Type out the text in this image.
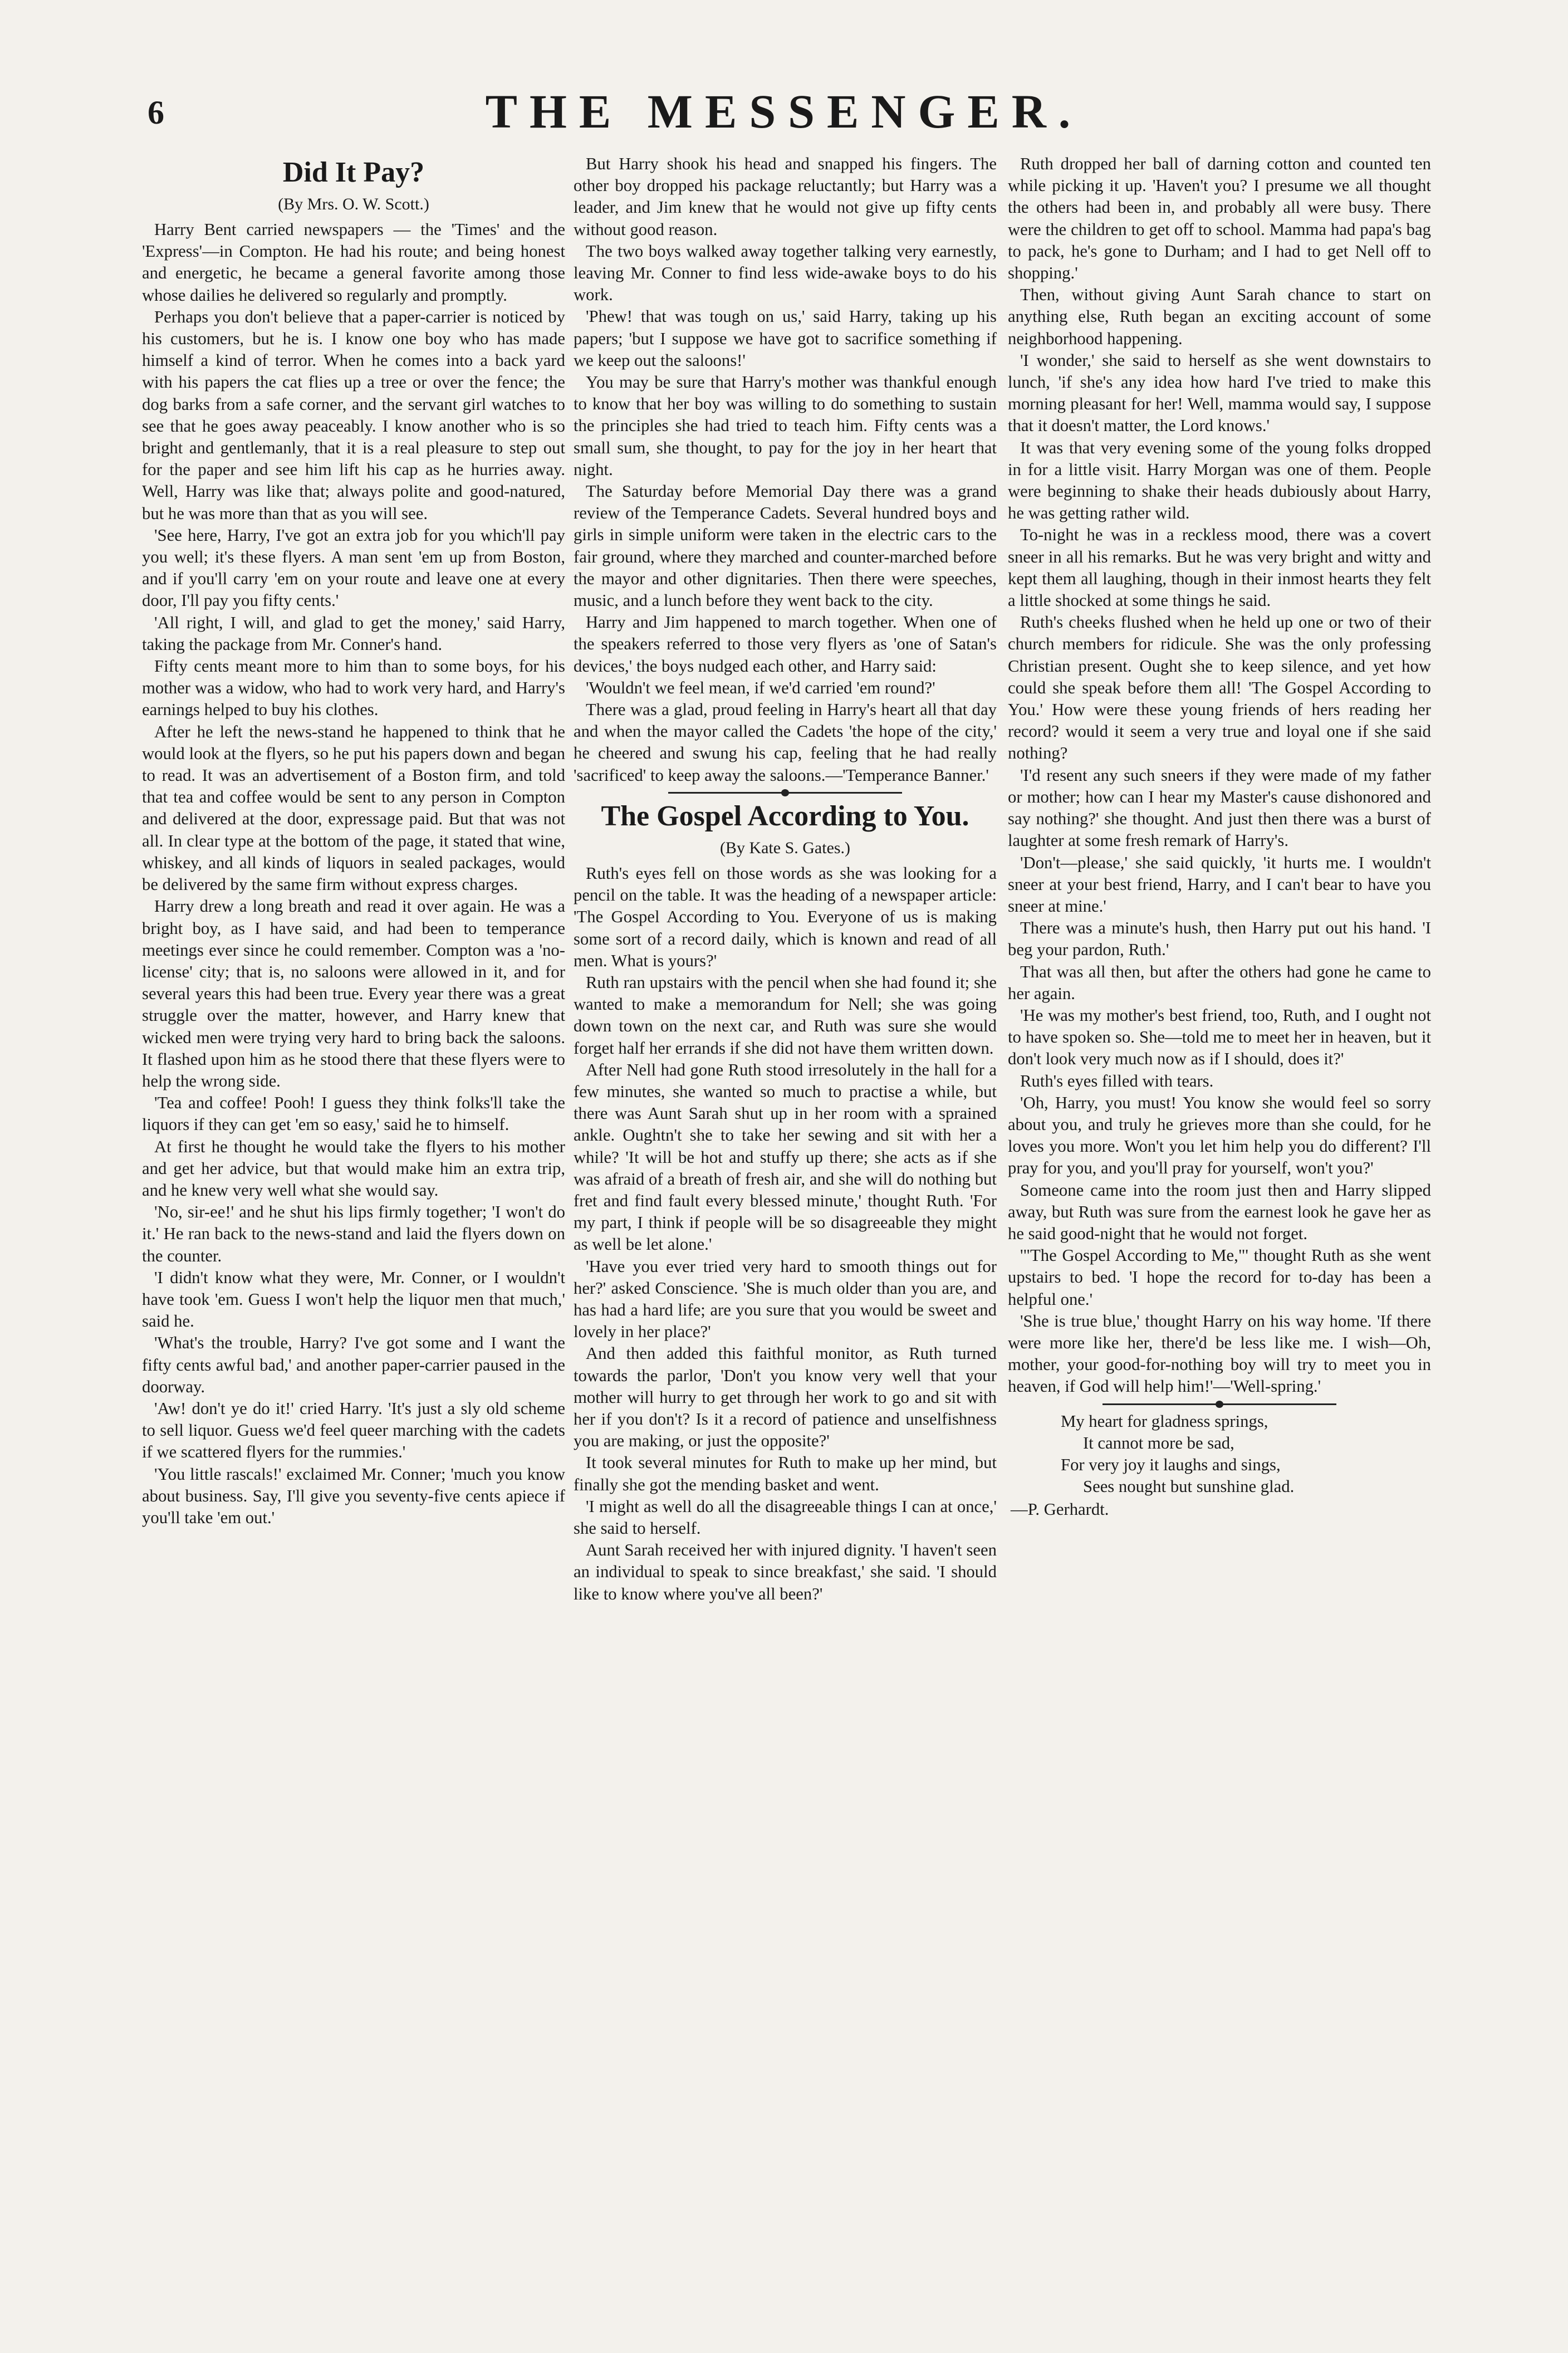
6	THE MESSENGER.
Did It Pay?
(By Mrs. O. W. Scott.)

Harry Bent carried newspapers — the 'Times' and the 'Express'—in Compton. He had his route; and being honest and energetic, he became a general favorite among those whose dailies he delivered so regularly and promptly.

Perhaps you don't believe that a paper-carrier is noticed by his customers, but he is. I know one boy who has made himself a kind of terror. When he comes into a back yard with his papers the cat flies up a tree or over the fence; the dog barks from a safe corner, and the servant girl watches to see that he goes away peaceably. I know another who is so bright and gentlemanly, that it is a real pleasure to step out for the paper and see him lift his cap as he hurries away. Well, Harry was like that; always polite and good-natured, but he was more than that as you will see.

'See here, Harry, I've got an extra job for you which'll pay you well; it's these flyers. A man sent 'em up from Boston, and if you'll carry 'em on your route and leave one at every door, I'll pay you fifty cents.'

'All right, I will, and glad to get the money,' said Harry, taking the package from Mr. Conner's hand.

Fifty cents meant more to him than to some boys, for his mother was a widow, who had to work very hard, and Harry's earnings helped to buy his clothes.

After he left the news-stand he happened to think that he would look at the flyers, so he put his papers down and began to read. It was an advertisement of a Boston firm, and told that tea and coffee would be sent to any person in Compton and delivered at the door, expressage paid. But that was not all. In clear type at the bottom of the page, it stated that wine, whiskey, and all kinds of liquors in sealed packages, would be delivered by the same firm without express charges.

Harry drew a long breath and read it over again. He was a bright boy, as I have said, and had been to temperance meetings ever since he could remember. Compton was a 'no-license' city; that is, no saloons were allowed in it, and for several years this had been true. Every year there was a great struggle over the matter, however, and Harry knew that wicked men were trying very hard to bring back the saloons. It flashed upon him as he stood there that these flyers were to help the wrong side.

'Tea and coffee! Pooh! I guess they think folks'll take the liquors if they can get 'em so easy,' said he to himself.

At first he thought he would take the flyers to his mother and get her advice, but that would make him an extra trip, and he knew very well what she would say.

'No, sir-ee!' and he shut his lips firmly together; 'I won't do it.' He ran back to the news-stand and laid the flyers down on the counter.

'I didn't know what they were, Mr. Conner, or I wouldn't have took 'em. Guess I won't help the liquor men that much,' said he.

'What's the trouble, Harry? I've got some and I want the fifty cents awful bad,' and another paper-carrier paused in the doorway.

'Aw! don't ye do it!' cried Harry. 'It's just a sly old scheme to sell liquor. Guess we'd feel queer marching with the cadets if we scattered flyers for the rummies.'

'You little rascals!' exclaimed Mr. Conner; 'much you know about business. Say, I'll give you seventy-five cents apiece if you'll take 'em out.'

But Harry shook his head and snapped his fingers. The other boy dropped his package reluctantly; but Harry was a leader, and Jim knew that he would not give up fifty cents without good reason.

The two boys walked away together talking very earnestly, leaving Mr. Conner to find less wide-awake boys to do his work.

'Phew! that was tough on us,' said Harry, taking up his papers; 'but I suppose we have got to sacrifice something if we keep out the saloons!'

You may be sure that Harry's mother was thankful enough to know that her boy was willing to do something to sustain the principles she had tried to teach him. Fifty cents was a small sum, she thought, to pay for the joy in her heart that night.

The Saturday before Memorial Day there was a grand review of the Temperance Cadets. Several hundred boys and girls in simple uniform were taken in the electric cars to the fair ground, where they marched and counter-marched before the mayor and other dignitaries. Then there were speeches, music, and a lunch before they went back to the city.

Harry and Jim happened to march together. When one of the speakers referred to those very flyers as 'one of Satan's devices,' the boys nudged each other, and Harry said:

'Wouldn't we feel mean, if we'd carried 'em round?'

There was a glad, proud feeling in Harry's heart all that day and when the mayor called the Cadets 'the hope of the city,' he cheered and swung his cap, feeling that he had really 'sacrificed' to keep away the saloons.—'Temperance Banner.'

The Gospel According to You.
(By Kate S. Gates.)

Ruth's eyes fell on those words as she was looking for a pencil on the table. It was the heading of a newspaper article: 'The Gospel According to You. Everyone of us is making some sort of a record daily, which is known and read of all men. What is yours?'

Ruth ran upstairs with the pencil when she had found it; she wanted to make a memorandum for Nell; she was going down town on the next car, and Ruth was sure she would forget half her errands if she did not have them written down.

After Nell had gone Ruth stood irresolutely in the hall for a few minutes, she wanted so much to practise a while, but there was Aunt Sarah shut up in her room with a sprained ankle. Oughtn't she to take her sewing and sit with her a while? 'It will be hot and stuffy up there; she acts as if she was afraid of a breath of fresh air, and she will do nothing but fret and find fault every blessed minute,' thought Ruth. 'For my part, I think if people will be so disagreeable they might as well be let alone.'

'Have you ever tried very hard to smooth things out for her?' asked Conscience. 'She is much older than you are, and has had a hard life; are you sure that you would be sweet and lovely in her place?'

And then added this faithful monitor, as Ruth turned towards the parlor, 'Don't you know very well that your mother will hurry to get through her work to go and sit with her if you don't? Is it a record of patience and unselfishness you are making, or just the opposite?'

It took several minutes for Ruth to make up her mind, but finally she got the mending basket and went.

'I might as well do all the disagreeable things I can at once,' she said to herself.

Aunt Sarah received her with injured dignity. 'I haven't seen an individual to speak to since breakfast,' she said. 'I should like to know where you've all been?'

Ruth dropped her ball of darning cotton and counted ten while picking it up. 'Haven't you? I presume we all thought the others had been in, and probably all were busy. There were the children to get off to school. Mamma had papa's bag to pack, he's gone to Durham; and I had to get Nell off to shopping.'

Then, without giving Aunt Sarah chance to start on anything else, Ruth began an exciting account of some neighborhood happening.

'I wonder,' she said to herself as she went downstairs to lunch, 'if she's any idea how hard I've tried to make this morning pleasant for her! Well, mamma would say, I suppose that it doesn't matter, the Lord knows.'

It was that very evening some of the young folks dropped in for a little visit. Harry Morgan was one of them. People were beginning to shake their heads dubiously about Harry, he was getting rather wild.

To-night he was in a reckless mood, there was a covert sneer in all his remarks. But he was very bright and witty and kept them all laughing, though in their inmost hearts they felt a little shocked at some things he said.

Ruth's cheeks flushed when he held up one or two of their church members for ridicule. She was the only professing Christian present. Ought she to keep silence, and yet how could she speak before them all! 'The Gospel According to You.' How were these young friends of hers reading her record? would it seem a very true and loyal one if she said nothing?

'I'd resent any such sneers if they were made of my father or mother; how can I hear my Master's cause dishonored and say nothing?' she thought. And just then there was a burst of laughter at some fresh remark of Harry's.

'Don't—please,' she said quickly, 'it hurts me. I wouldn't sneer at your best friend, Harry, and I can't bear to have you sneer at mine.'

There was a minute's hush, then Harry put out his hand. 'I beg your pardon, Ruth.'

That was all then, but after the others had gone he came to her again.

'He was my mother's best friend, too, Ruth, and I ought not to have spoken so. She—told me to meet her in heaven, but it don't look very much now as if I should, does it?'

Ruth's eyes filled with tears.

'Oh, Harry, you must! You know she would feel so sorry about you, and truly he grieves more than she could, for he loves you more. Won't you let him help you do different? I'll pray for you, and you'll pray for yourself, won't you?'

Someone came into the room just then and Harry slipped away, but Ruth was sure from the earnest look he gave her as he said good-night that he would not forget.

'"The Gospel According to Me,"' thought Ruth as she went upstairs to bed. 'I hope the record for to-day has been a helpful one.'

'She is true blue,' thought Harry on his way home. 'If there were more like her, there'd be less like me. I wish—Oh, mother, your good-for-nothing boy will try to meet you in heaven, if God will help him!'—'Well-spring.'

My heart for gladness springs,
It cannot more be sad,
For very joy it laughs and sings,
Sees nought but sunshine glad.
—P. Gerhardt.
